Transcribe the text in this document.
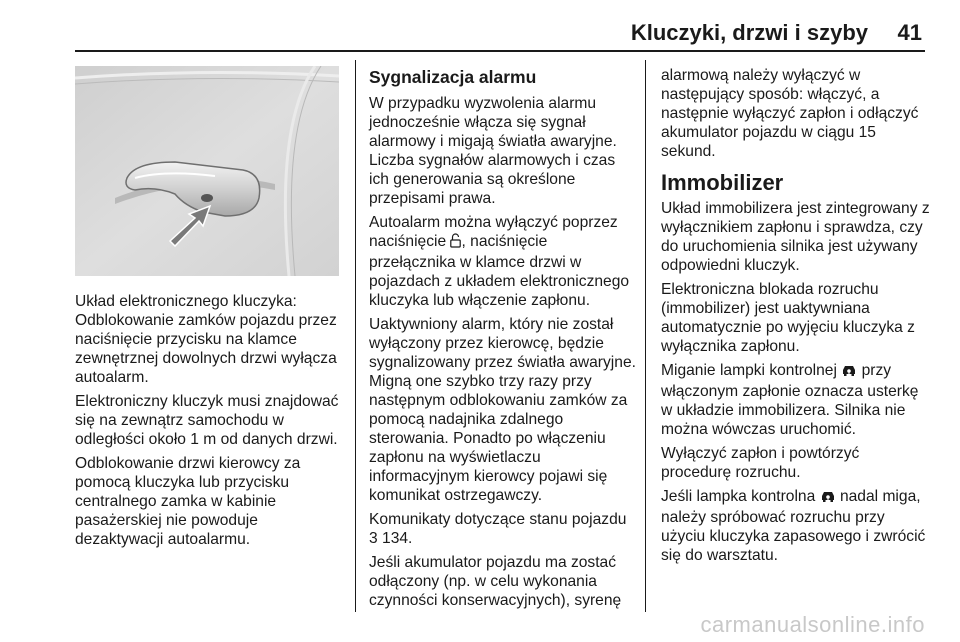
Kluczyki, drzwi i szyby 41

Układ elektronicznego kluczyka: Odblokowanie zamków pojazdu przez naciśnięcie przycisku na klamce zewnętrznej dowolnych drzwi wyłącza autoalarm.

Elektroniczny kluczyk musi znajdować się na zewnątrz samochodu w odległości około 1 m od danych drzwi.

Odblokowanie drzwi kierowcy za pomocą kluczyka lub przycisku centralnego zamka w kabinie pasażerskiej nie powoduje dezaktywacji autoalarmu.

Sygnalizacja alarmu

W przypadku wyzwolenia alarmu jednocześnie włącza się sygnał alarmowy i migają światła awaryjne. Liczba sygnałów alarmowych i czas ich generowania są określone przepisami prawa.

Autoalarm można wyłączyć poprzez naciśnięcie , naciśnięcie przełącznika w klamce drzwi w pojazdach z układem elektronicznego kluczyka lub włączenie zapłonu.

Uaktywniony alarm, który nie został wyłączony przez kierowcę, będzie sygnalizowany przez światła awaryjne. Migną one szybko trzy razy przy następnym odblokowaniu zamków za pomocą nadajnika zdalnego sterowania. Ponadto po włączeniu zapłonu na wyświetlaczu informacyjnym kierowcy pojawi się komunikat ostrzegawczy.

Komunikaty dotyczące stanu pojazdu 3 134.

Jeśli akumulator pojazdu ma zostać odłączony (np. w celu wykonania czynności konserwacyjnych), syrenę

alarmową należy wyłączyć w następujący sposób: włączyć, a następnie wyłączyć zapłon i odłączyć akumulator pojazdu w ciągu 15 sekund.

Immobilizer

Układ immobilizera jest zintegrowany z wyłącznikiem zapłonu i sprawdza, czy do uruchomienia silnika jest używany odpowiedni kluczyk.

Elektroniczna blokada rozruchu (immobilizer) jest uaktywniana automatycznie po wyjęciu kluczyka z wyłącznika zapłonu.

Miganie lampki kontrolnej  przy włączonym zapłonie oznacza usterkę w układzie immobilizera. Silnika nie można wówczas uruchomić.

Wyłączyć zapłon i powtórzyć procedurę rozruchu.

Jeśli lampka kontrolna  nadal miga, należy spróbować rozruchu przy użyciu kluczyka zapasowego i zwrócić się do warsztatu.

carmanualsonline.info
